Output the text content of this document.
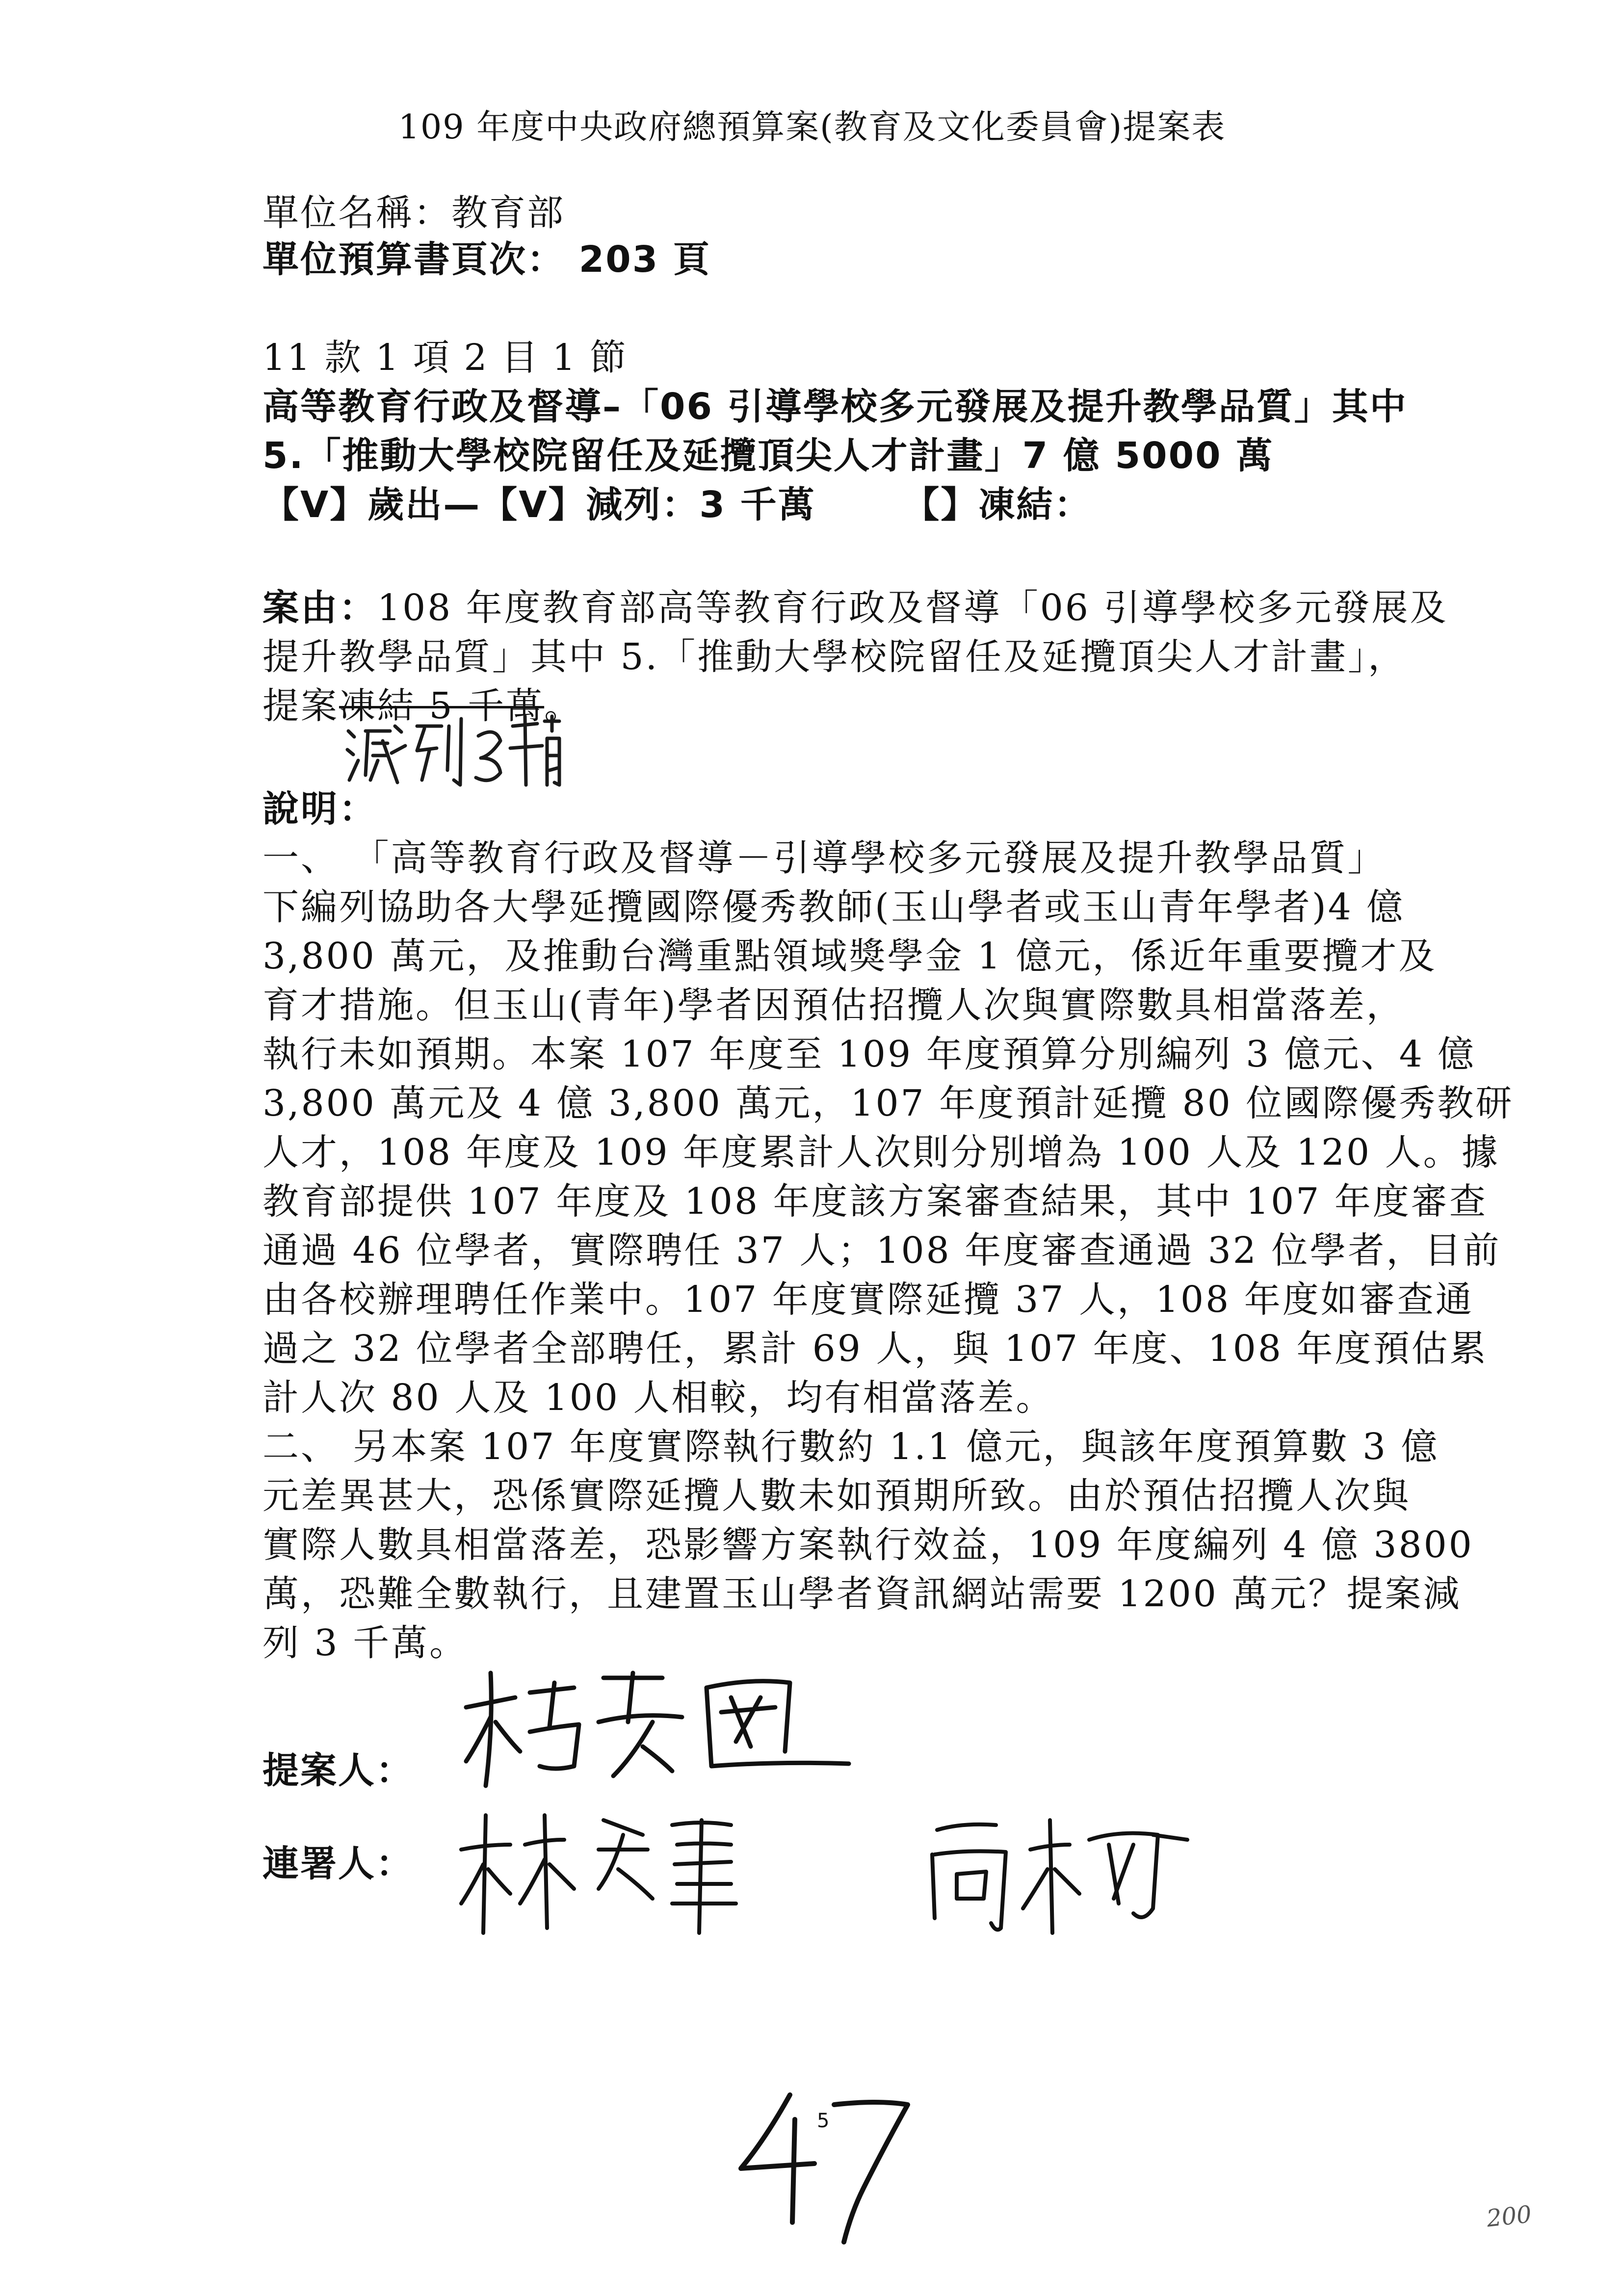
109 年度中央政府總預算案(教育及文化委員會)提案表
單位名稱：教育部
單位預算書頁次： 203 頁
11 款 1 項 2 目 1 節
高等教育行政及督導–「06 引導學校多元發展及提升教學品質」其中
5.「推動大學校院留任及延攬頂尖人才計畫」7 億 5000 萬
【V】歲出—【V】減列：3 千萬 【】凍結：
案由：108 年度教育部高等教育行政及督導「06 引導學校多元發展及
提升教學品質」其中 5.「推動大學校院留任及延攬頂尖人才計畫」，
提案凍結 5 千萬。
說明：
一、 「高等教育行政及督導－引導學校多元發展及提升教學品質」
下編列協助各大學延攬國際優秀教師(玉山學者或玉山青年學者)4 億
3,800 萬元，及推動台灣重點領域獎學金 1 億元，係近年重要攬才及
育才措施。但玉山(青年)學者因預估招攬人次與實際數具相當落差，
執行未如預期。本案 107 年度至 109 年度預算分別編列 3 億元、4 億
3,800 萬元及 4 億 3,800 萬元，107 年度預計延攬 80 位國際優秀教研
人才，108 年度及 109 年度累計人次則分別增為 100 人及 120 人。據
教育部提供 107 年度及 108 年度該方案審查結果，其中 107 年度審查
通過 46 位學者，實際聘任 37 人；108 年度審查通過 32 位學者，目前
由各校辦理聘任作業中。107 年度實際延攬 37 人，108 年度如審查通
過之 32 位學者全部聘任，累計 69 人，與 107 年度、108 年度預估累
計人次 80 人及 100 人相較，均有相當落差。
二、 另本案 107 年度實際執行數約 1.1 億元，與該年度預算數 3 億
元差異甚大，恐係實際延攬人數未如預期所致。由於預估招攬人次與
實際人數具相當落差，恐影響方案執行效益，109 年度編列 4 億 3800
萬，恐難全數執行，且建置玉山學者資訊網站需要 1200 萬元？提案減
列 3 千萬。
提案人：
連署人：
5
200
